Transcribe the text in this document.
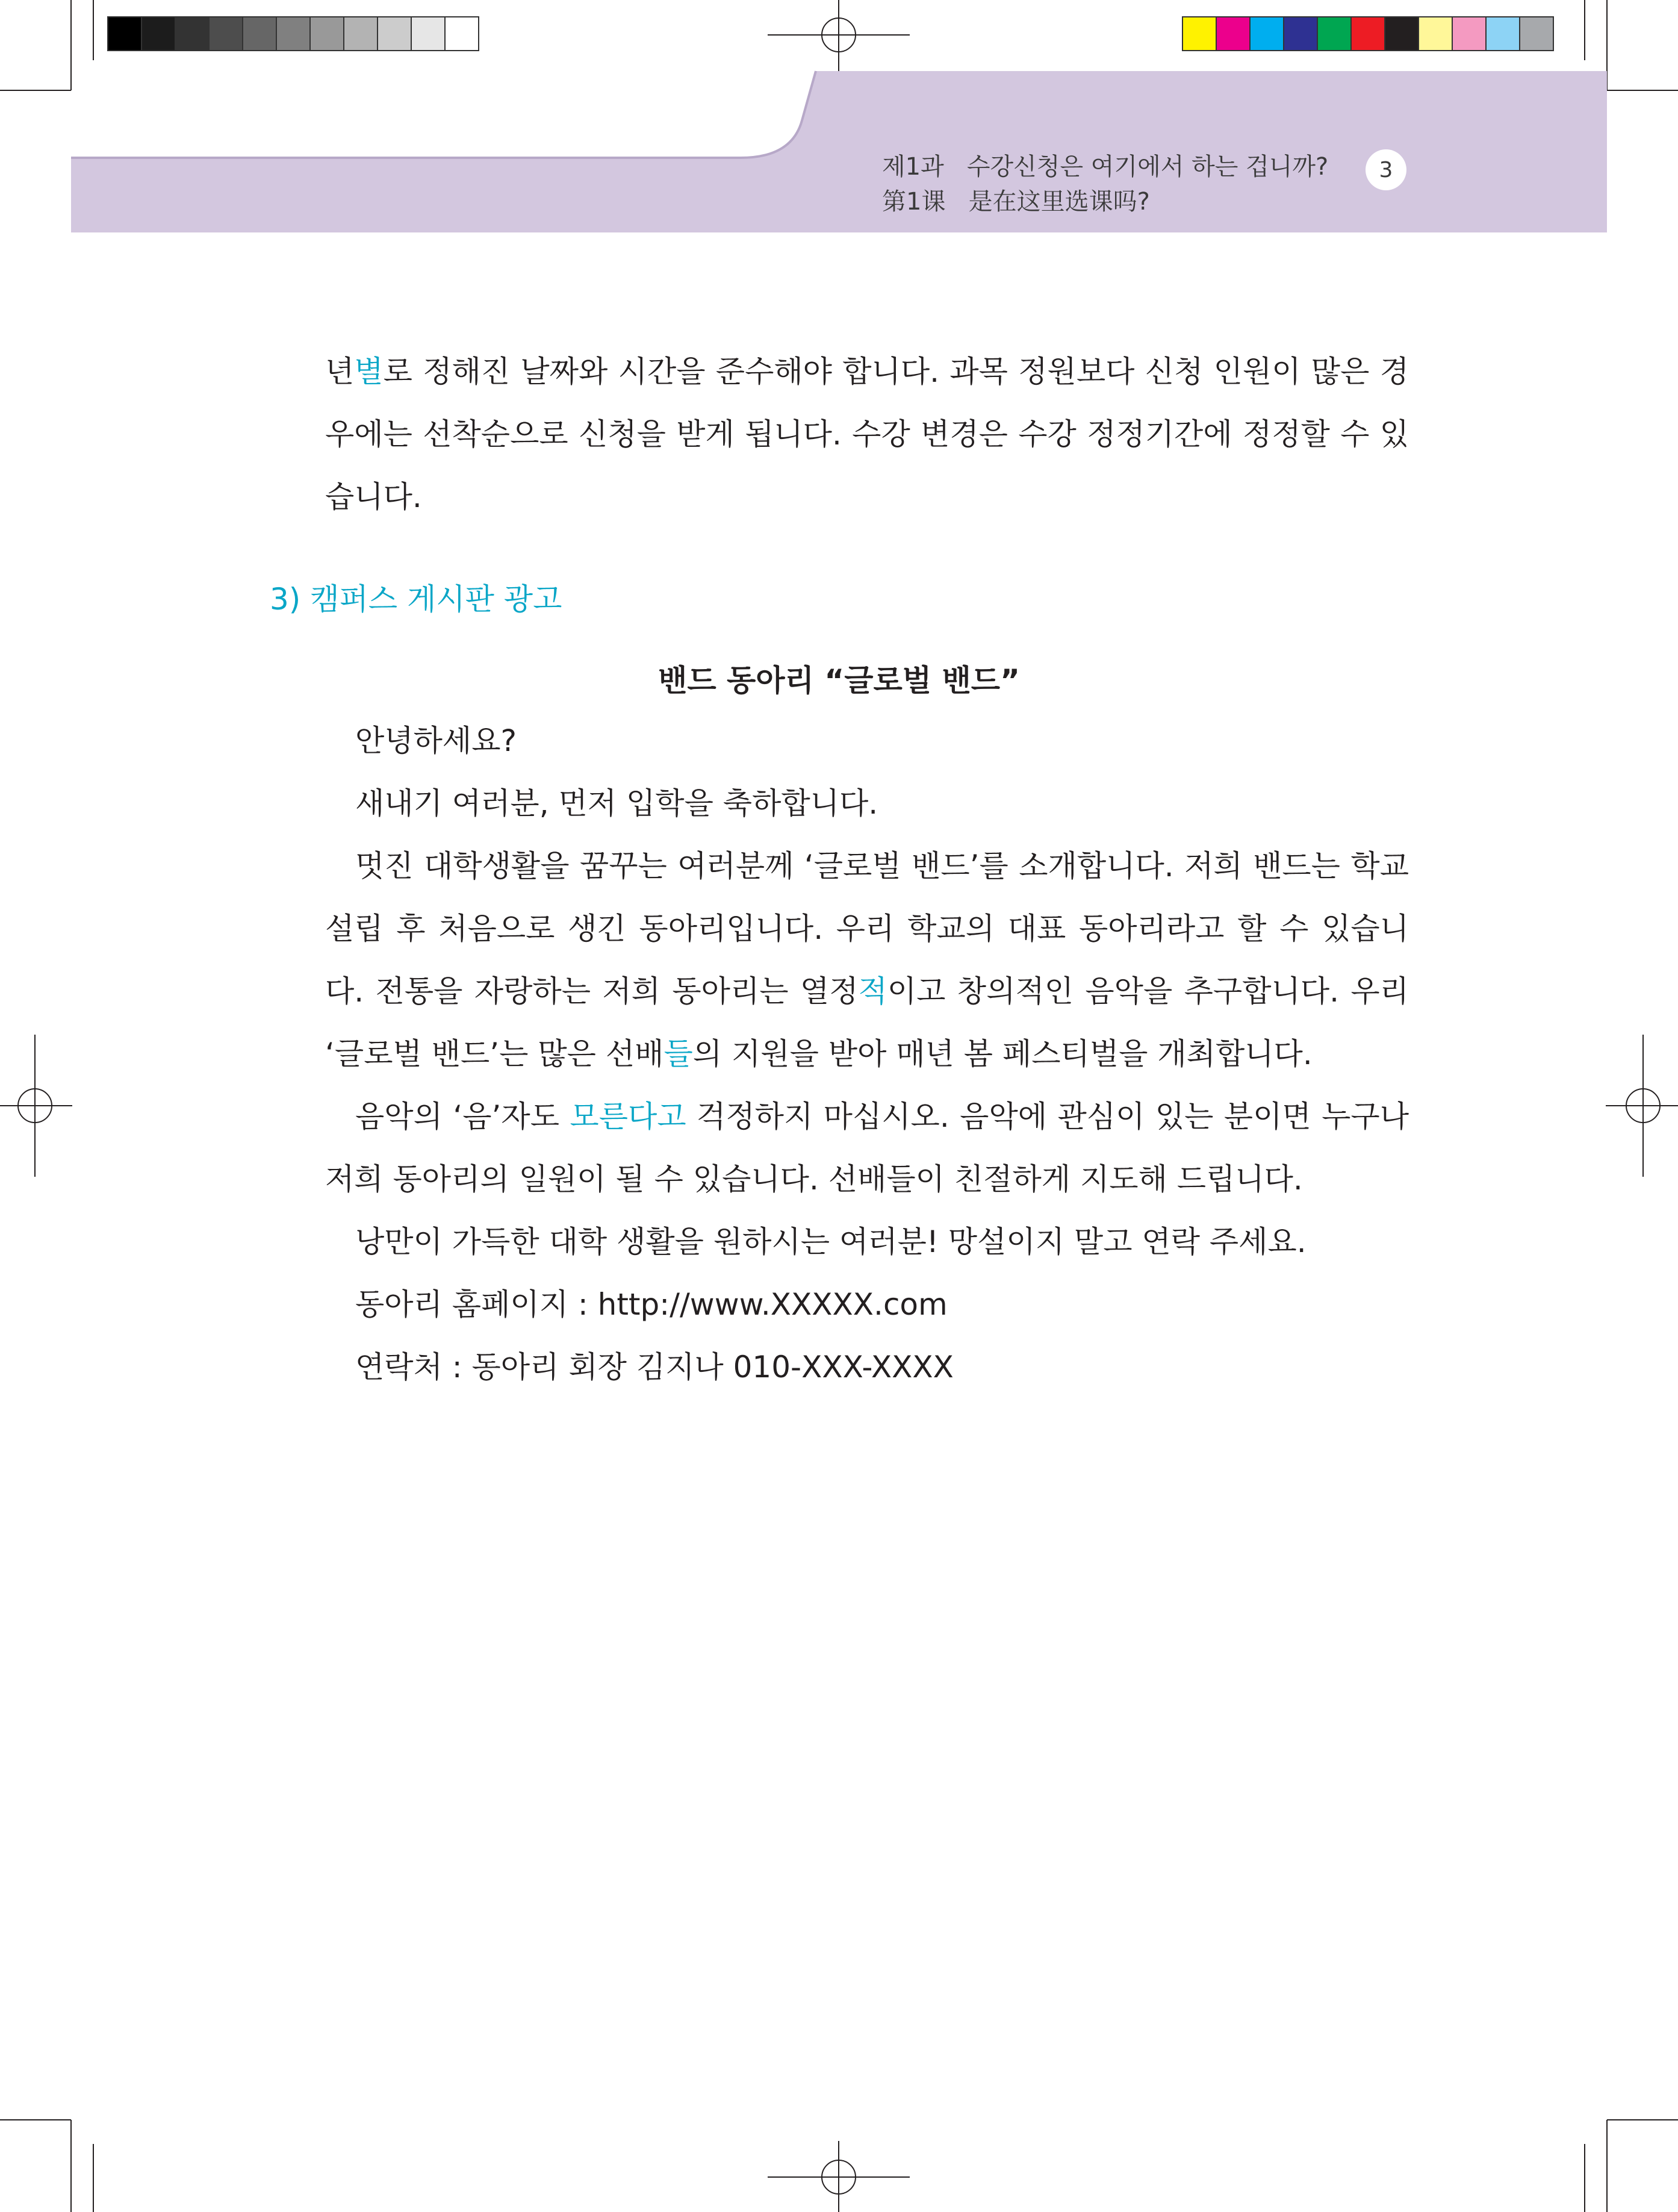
제1과 수강신청은 여기에서 하는 겁니까?
第1课 是在这里选课吗?
3

년별로 정해진 날짜와 시간을 준수해야 합니다. 과목 정원보다 신청 인원이 많은 경우에는 선착순으로 신청을 받게 됩니다. 수강 변경은 수강 정정기간에 정정할 수 있습니다.

3) 캠퍼스 게시판 광고
밴드 동아리 “글로벌 밴드”

안녕하세요?

새내기 여러분, 먼저 입학을 축하합니다.

멋진 대학생활을 꿈꾸는 여러분께 ‘글로벌 밴드’를 소개합니다. 저희 밴드는 학교 설립 후 처음으로 생긴 동아리입니다. 우리 학교의 대표 동아리라고 할 수 있습니다. 전통을 자랑하는 저희 동아리는 열정적이고 창의적인 음악을 추구합니다. 우리 ‘글로벌 밴드’는 많은 선배들의 지원을 받아 매년 봄 페스티벌을 개최합니다.

음악의 ‘음’자도 모른다고 걱정하지 마십시오. 음악에 관심이 있는 분이면 누구나 저희 동아리의 일원이 될 수 있습니다. 선배들이 친절하게 지도해 드립니다.

낭만이 가득한 대학 생활을 원하시는 여러분! 망설이지 말고 연락 주세요.

동아리 홈페이지 : http://www.XXXXX.com

연락처 : 동아리 회장 김지나 010-XXX-XXXX
